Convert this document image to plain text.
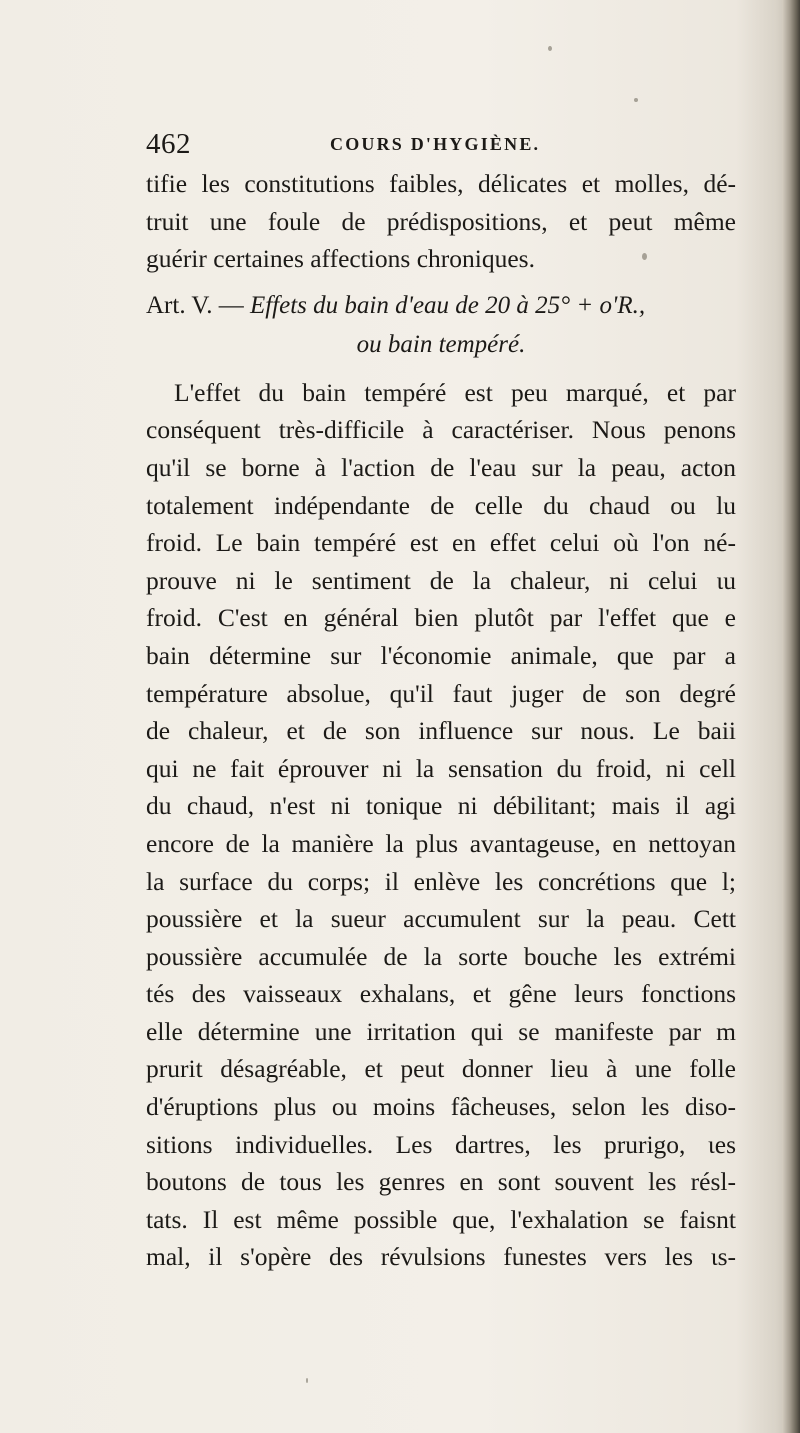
462	COURS D'HYGIÈNE.
tifie les constitutions faibles, délicates et molles, dé-
truit une foule de prédispositions, et peut même
guérir certaines affections chroniques.
Art. V. — Effets du bain d'eau de 20 à 25° + o'R.,
ou bain tempéré.
L'effet du bain tempéré est peu marqué, et par
conséquent très-difficile à caractériser. Nous penons
qu'il se borne à l'action de l'eau sur la peau, acton
totalement indépendante de celle du chaud ou lu
froid. Le bain tempéré est en effet celui où l'on né-
prouve ni le sentiment de la chaleur, ni celui ιu
froid. C'est en général bien plutôt par l'effet que e
bain détermine sur l'économie animale, que par a
température absolue, qu'il faut juger de son degré
de chaleur, et de son influence sur nous. Le baii
qui ne fait éprouver ni la sensation du froid, ni cell
du chaud, n'est ni tonique ni débilitant; mais il agi
encore de la manière la plus avantageuse, en nettoyan
la surface du corps; il enlève les concrétions que l;
poussière et la sueur accumulent sur la peau. Cett
poussière accumulée de la sorte bouche les extrémi
tés des vaisseaux exhalans, et gêne leurs fonctions
elle détermine une irritation qui se manifeste par m
prurit désagréable, et peut donner lieu à une folle
d'éruptions plus ou moins fâcheuses, selon les diso-
sitions individuelles. Les dartres, les prurigo, ιes
boutons de tous les genres en sont souvent les résl-
tats. Il est même possible que, l'exhalation se faisnt
mal, il s'opère des révulsions funestes vers les ιs-
